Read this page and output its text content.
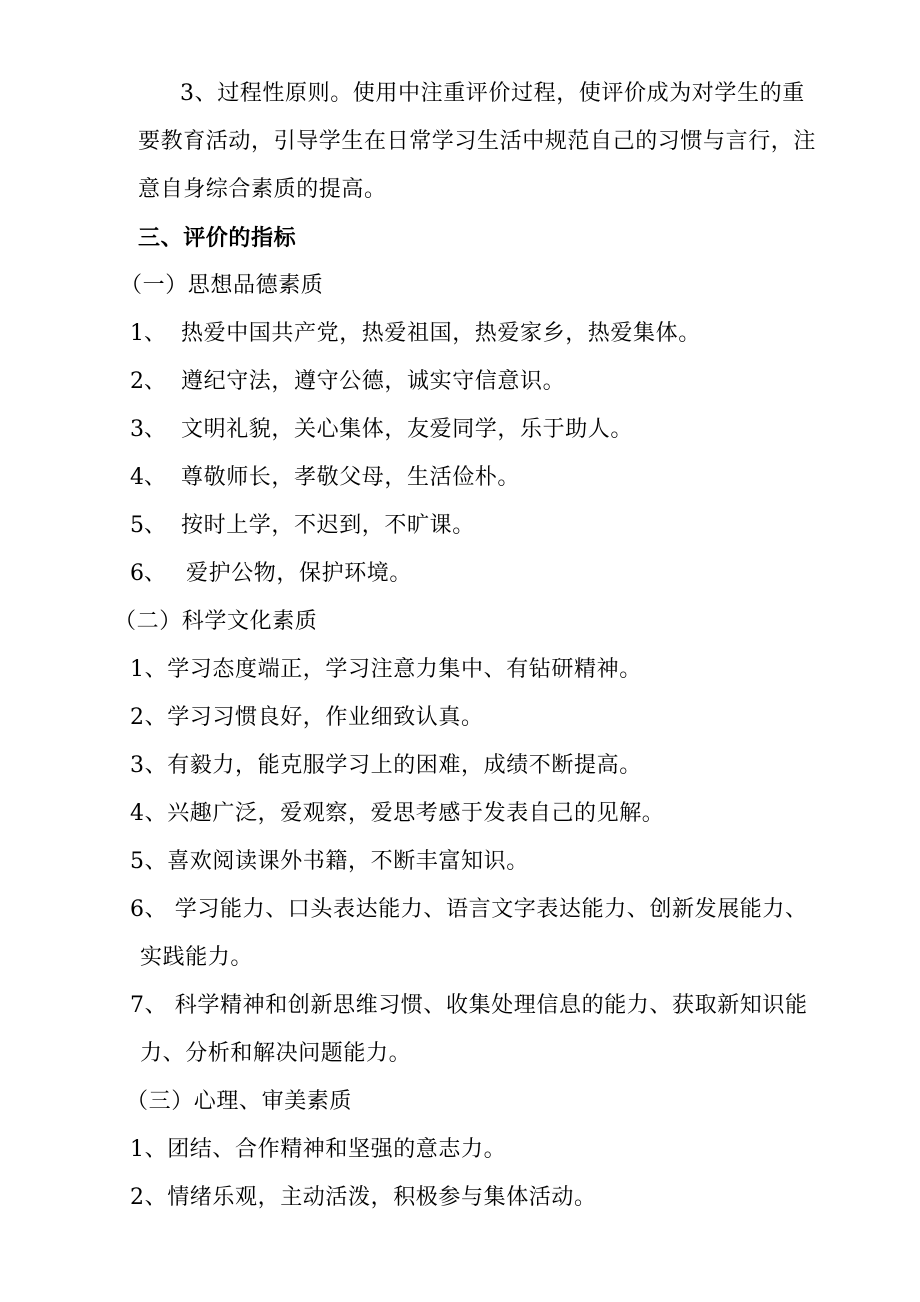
3、过程性原则。使用中注重评价过程，使评价成为对学生的重
要教育活动，引导学生在日常学习生活中规范自己的习惯与言行，注
意自身综合素质的提高。
三、评价的指标
（一）思想品德素质
1、 热爱中国共产党，热爱祖国，热爱家乡，热爱集体。
2、 遵纪守法，遵守公德，诚实守信意识。
3、 文明礼貌，关心集体，友爱同学，乐于助人。
4、 尊敬师长，孝敬父母，生活俭朴。
5、 按时上学，不迟到，不旷课。
6、 爱护公物，保护环境。
（二）科学文化素质
1、学习态度端正，学习注意力集中、有钻研精神。
2、学习习惯良好，作业细致认真。
3、有毅力，能克服学习上的困难，成绩不断提高。
4、兴趣广泛，爱观察，爱思考感于发表自己的见解。
5、喜欢阅读课外书籍，不断丰富知识。
6、 学习能力、口头表达能力、语言文字表达能力、创新发展能力、
实践能力。
7、 科学精神和创新思维习惯、收集处理信息的能力、获取新知识能
力、分析和解决问题能力。
（三）心理、审美素质
1、团结、合作精神和坚强的意志力。
2、情绪乐观，主动活泼，积极参与集体活动。
